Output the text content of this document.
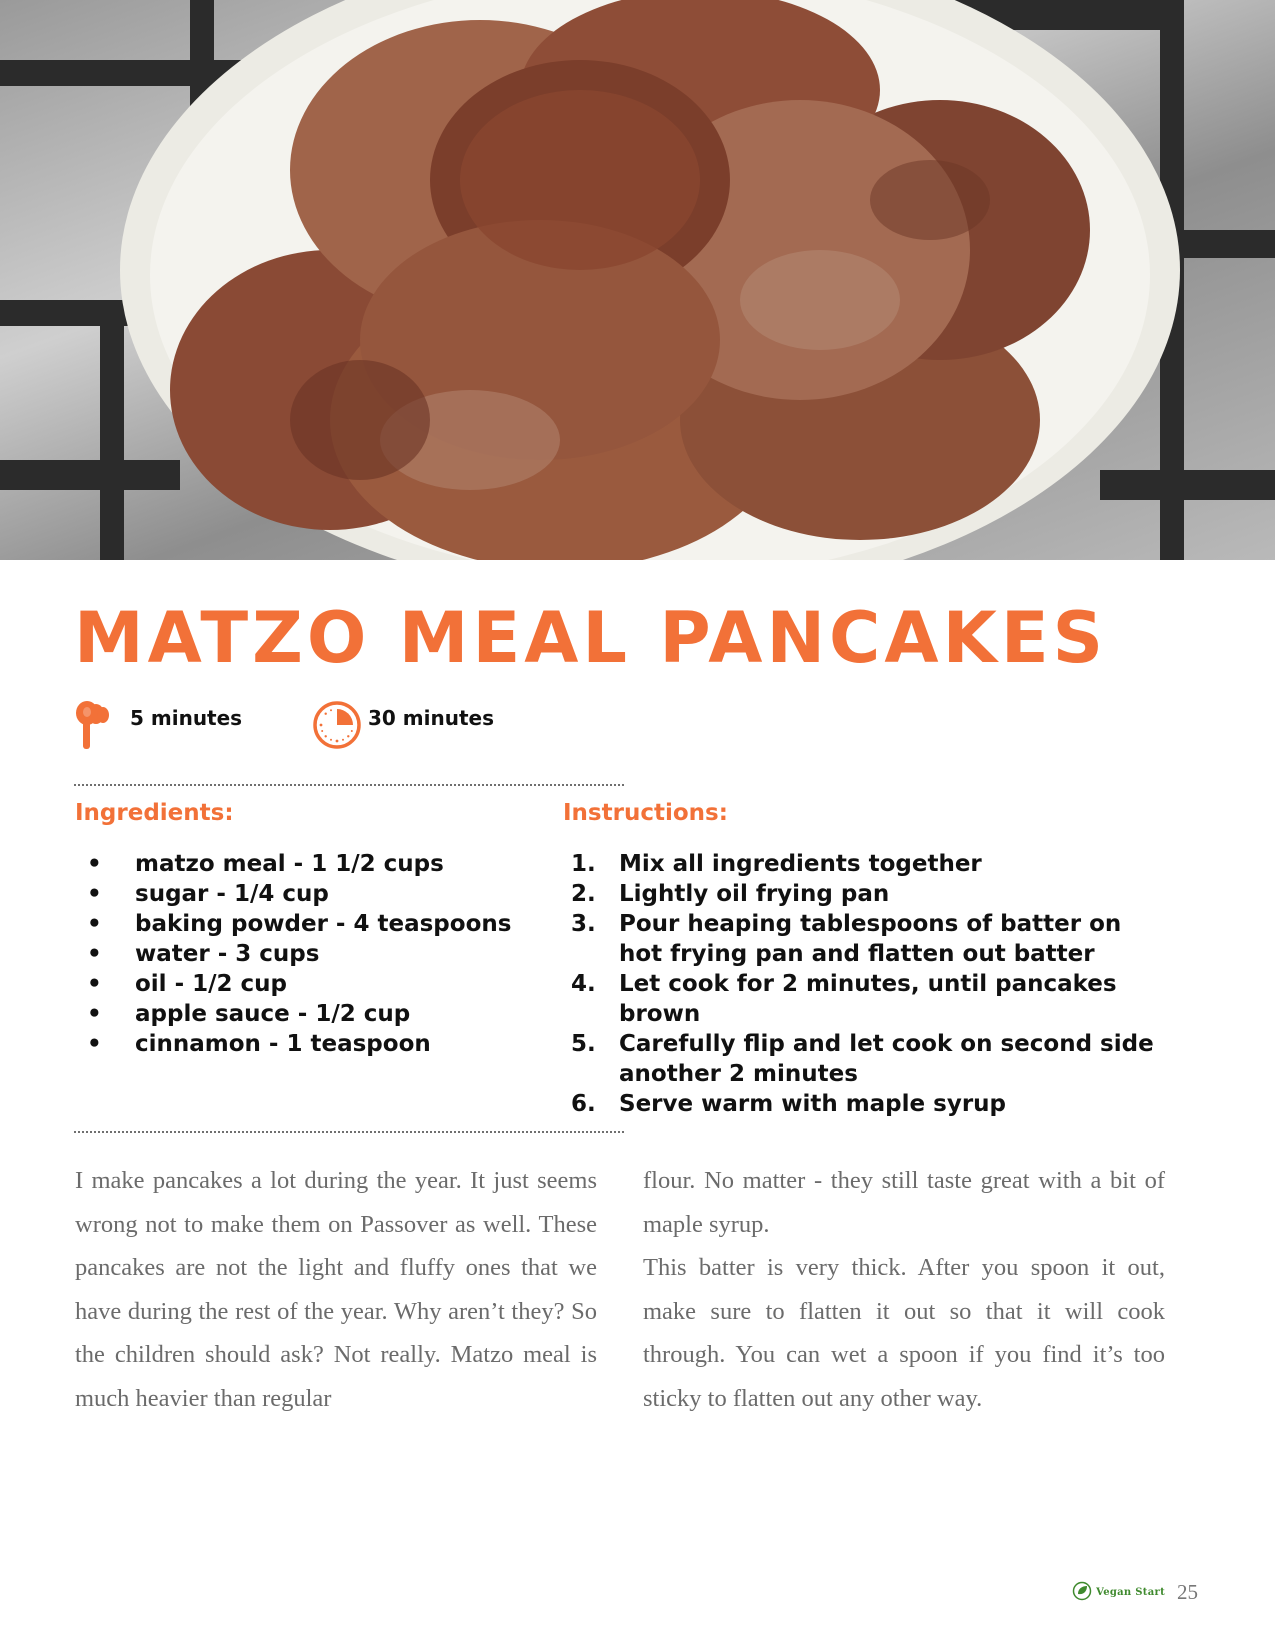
MATZO MEAL PANCAKES
5 minutes	30 minutes
Ingredients:	Instructions:
• matzo meal - 1 1/2 cups
• sugar - 1/4 cup
• baking powder - 4 teaspoons
• water - 3 cups
• oil - 1/2 cup
• apple sauce - 1/2 cup
• cinnamon - 1 teaspoon
1. Mix all ingredients together
2. Lightly oil frying pan
3. Pour heaping tablespoons of batter on hot frying pan and flatten out batter
4. Let cook for 2 minutes, until pancakes brown
5. Carefully flip and let cook on second side another 2 minutes
6. Serve warm with maple syrup

I make pancakes a lot during the year. It just seems wrong not to make them on Passover as well. These pancakes are not the light and fluffy ones that we have during the rest of the year. Why aren’t they? So the children should ask? Not really. Matzo meal is much heavier than regular

flour. No matter - they still taste great with a bit of maple syrup.

This batter is very thick. After you spoon it out, make sure to flatten it out so that it will cook through. You can wet a spoon if you find it’s too sticky to flatten out any other way.

Vegan Start 25
